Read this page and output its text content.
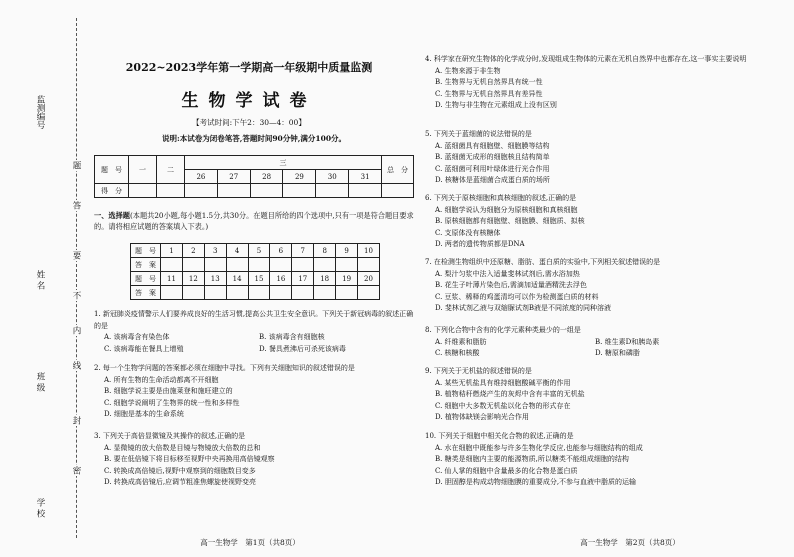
监测编号
姓 名
班 级
学 校
题
答
要
不
内
线
封
密
2022~2023学年第一学期高一年级期中质量监测
生物学试卷
【考试时间:下午2：30—4：00】
说明:本试卷为闭卷笔答,答题时间90分钟,满分100分。
题　号	一	二	三						总　分
			26	27	28	29	30	31	
得　分									
一、选择题(本题共20小题,每小题1.5分,共30分。在题目所给的四个选项中,只有一项是符合题目要求的。请将相应试题的答案填入下表。)
题　号	1	2	3	4	5	6	7	8	9	10
答　案										
题　号	11	12	13	14	15	16	17	18	19	20
答　案										
1. 新冠肺炎疫情警示人们要养成良好的生活习惯,提高公共卫生安全意识。下列关于新冠病毒的叙述正确的是
A. 该病毒含有染色体	B. 该病毒含有细胞核
C. 该病毒能在餐具上增殖	D. 餐具煮沸后可杀死该病毒
2. 每一个生物学问题的答案都必须在细胞中寻找。下列有关细胞知识的叙述错误的是
A. 所有生物的生命活动都离不开细胞
B. 细胞学说主要是由施莱登和施旺建立的
C. 细胞学说阐明了生物界的统一性和多样性
D. 细胞是基本的生命系统
3. 下列关于高倍显微镜及其操作的叙述,正确的是
A. 显微镜的放大倍数是目镜与物镜放大倍数的总和
B. 要在低倍镜下将目标移至视野中央再换用高倍镜观察
C. 转换成高倍镜后,视野中观察到的细胞数目变多
D. 转换成高倍镜后,应调节粗准焦螺旋使视野变亮
4. 科学家在研究生物体的化学成分时,发现组成生物体的元素在无机自然界中也都存在,这一事实主要说明
A. 生物来源于非生物
B. 生物界与无机自然界具有统一性
C. 生物界与无机自然界具有差异性
D. 生物与非生物在元素组成上没有区别
5. 下列关于蓝细菌的说法错误的是
A. 蓝细菌具有细胞壁、细胞膜等结构
B. 蓝细菌无成形的细胞核且结构简单
C. 蓝细菌可利用叶绿体进行光合作用
D. 核糖体是蓝细菌合成蛋白质的场所
6. 下列关于原核细胞和真核细胞的叙述,正确的是
A. 细胞学说认为细胞分为原核细胞和真核细胞
B. 原核细胞都有细胞壁、细胞膜、细胞质、拟核
C. 支原体没有核糖体
D. 两者的遗传物质都是DNA
7. 在检测生物组织中还原糖、脂肪、蛋白质的实验中,下列相关叙述错误的是
A. 梨汁匀浆中法入适量斐林试剂后,需水浴加热
B. 花生子叶薄片染色后,需滴加适量酒精洗去浮色
C. 豆浆、稀释的鸡蛋清均可以作为检测蛋白质的材料
D. 斐林试剂乙液与双缩脲试剂B液是不同浓度的同种溶液
8. 下列化合物中含有的化学元素种类最少的一组是
A. 纤维素和脂肪	B. 维生素D和胰岛素
C. 核糖和核酸	D. 糖原和磷脂
9. 下列关于无机盐的叙述错误的是
A. 某些无机盐具有维持细胞酸碱平衡的作用
B. 植物秸秆燃烧产生的灰烬中含有丰富的无机盐
C. 细胞中大多数无机盐以化合物的形式存在
D. 植物体缺镁会影响光合作用
10. 下列关于细胞中相关化合物的叙述,正确的是
A. 水在细胞中既能参与许多生物化学反应,也能参与细胞结构的组成
B. 糖类是细胞内主要的能源物质,所以糖类不能组成细胞的结构
C. 仙人掌的细胞中含量最多的化合物是蛋白质
D. 胆固醇是构成动物细胞膜的重要成分,不参与血液中脂质的运输
高一生物学　第1页（共8页）	高一生物学　第2页（共8页）
